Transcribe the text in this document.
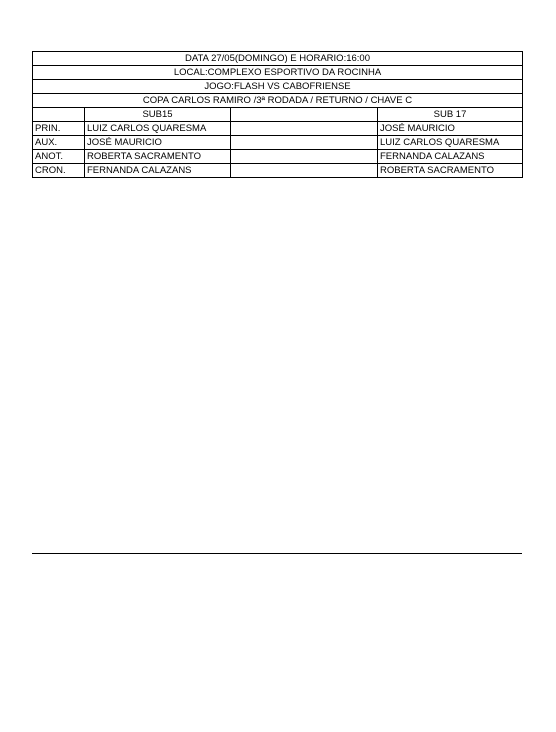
DATA 27/05(DOMINGO) E HORARIO:16:00			
LOCAL:COMPLEXO ESPORTIVO DA ROCINHA			
JOGO:FLASH VS CABOFRIENSE			
COPA CARLOS RAMIRO /3ª RODADA / RETURNO / CHAVE C			
	SUB15		SUB 17
PRIN.	LUIZ CARLOS QUARESMA		JOSÉ MAURICIO
AUX.	JOSÉ MAURICIO		LUIZ CARLOS QUARESMA
ANOT.	ROBERTA SACRAMENTO		FERNANDA CALAZANS
CRON.	FERNANDA CALAZANS		ROBERTA SACRAMENTO
